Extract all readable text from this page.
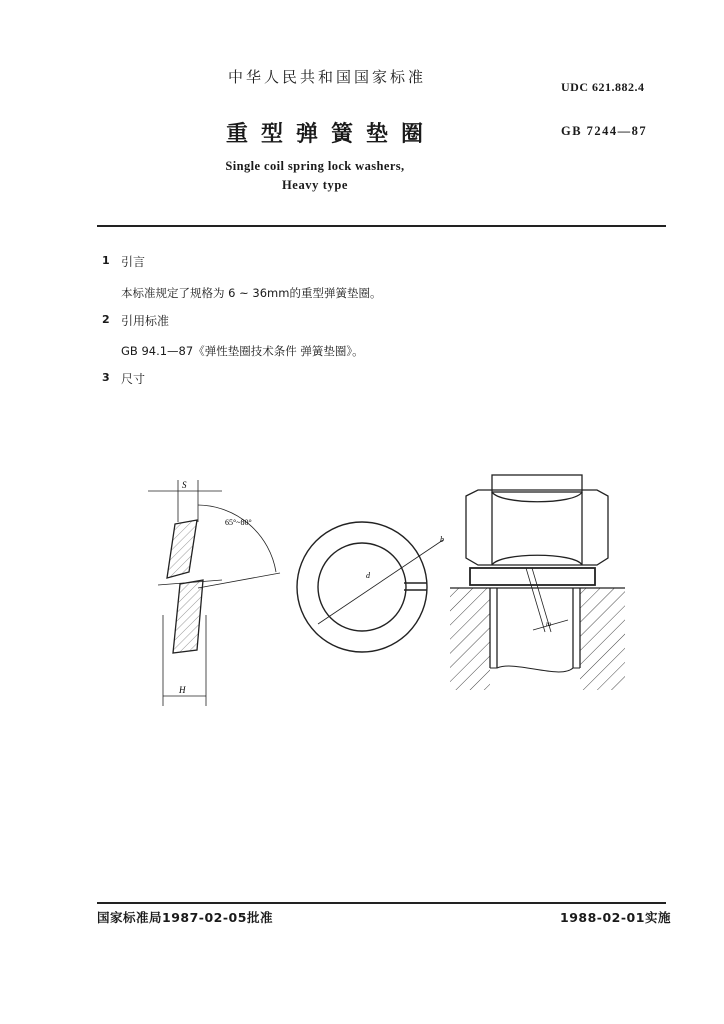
中华人民共和国国家标准
UDC 621.882.4
重型弹簧垫圈	GB 7244—87
Single coil spring lock washers,
Heavy type
1 引言
本标准规定了规格为 6 ~ 36mm的重型弹簧垫圈。
2 引用标准
GB 94.1—87《弹性垫圈技术条件 弹簧垫圈》。
3 尺寸
S
65°~80°
H
b
d
m
国家标准局1987-02-05批准	1988-02-01实施
